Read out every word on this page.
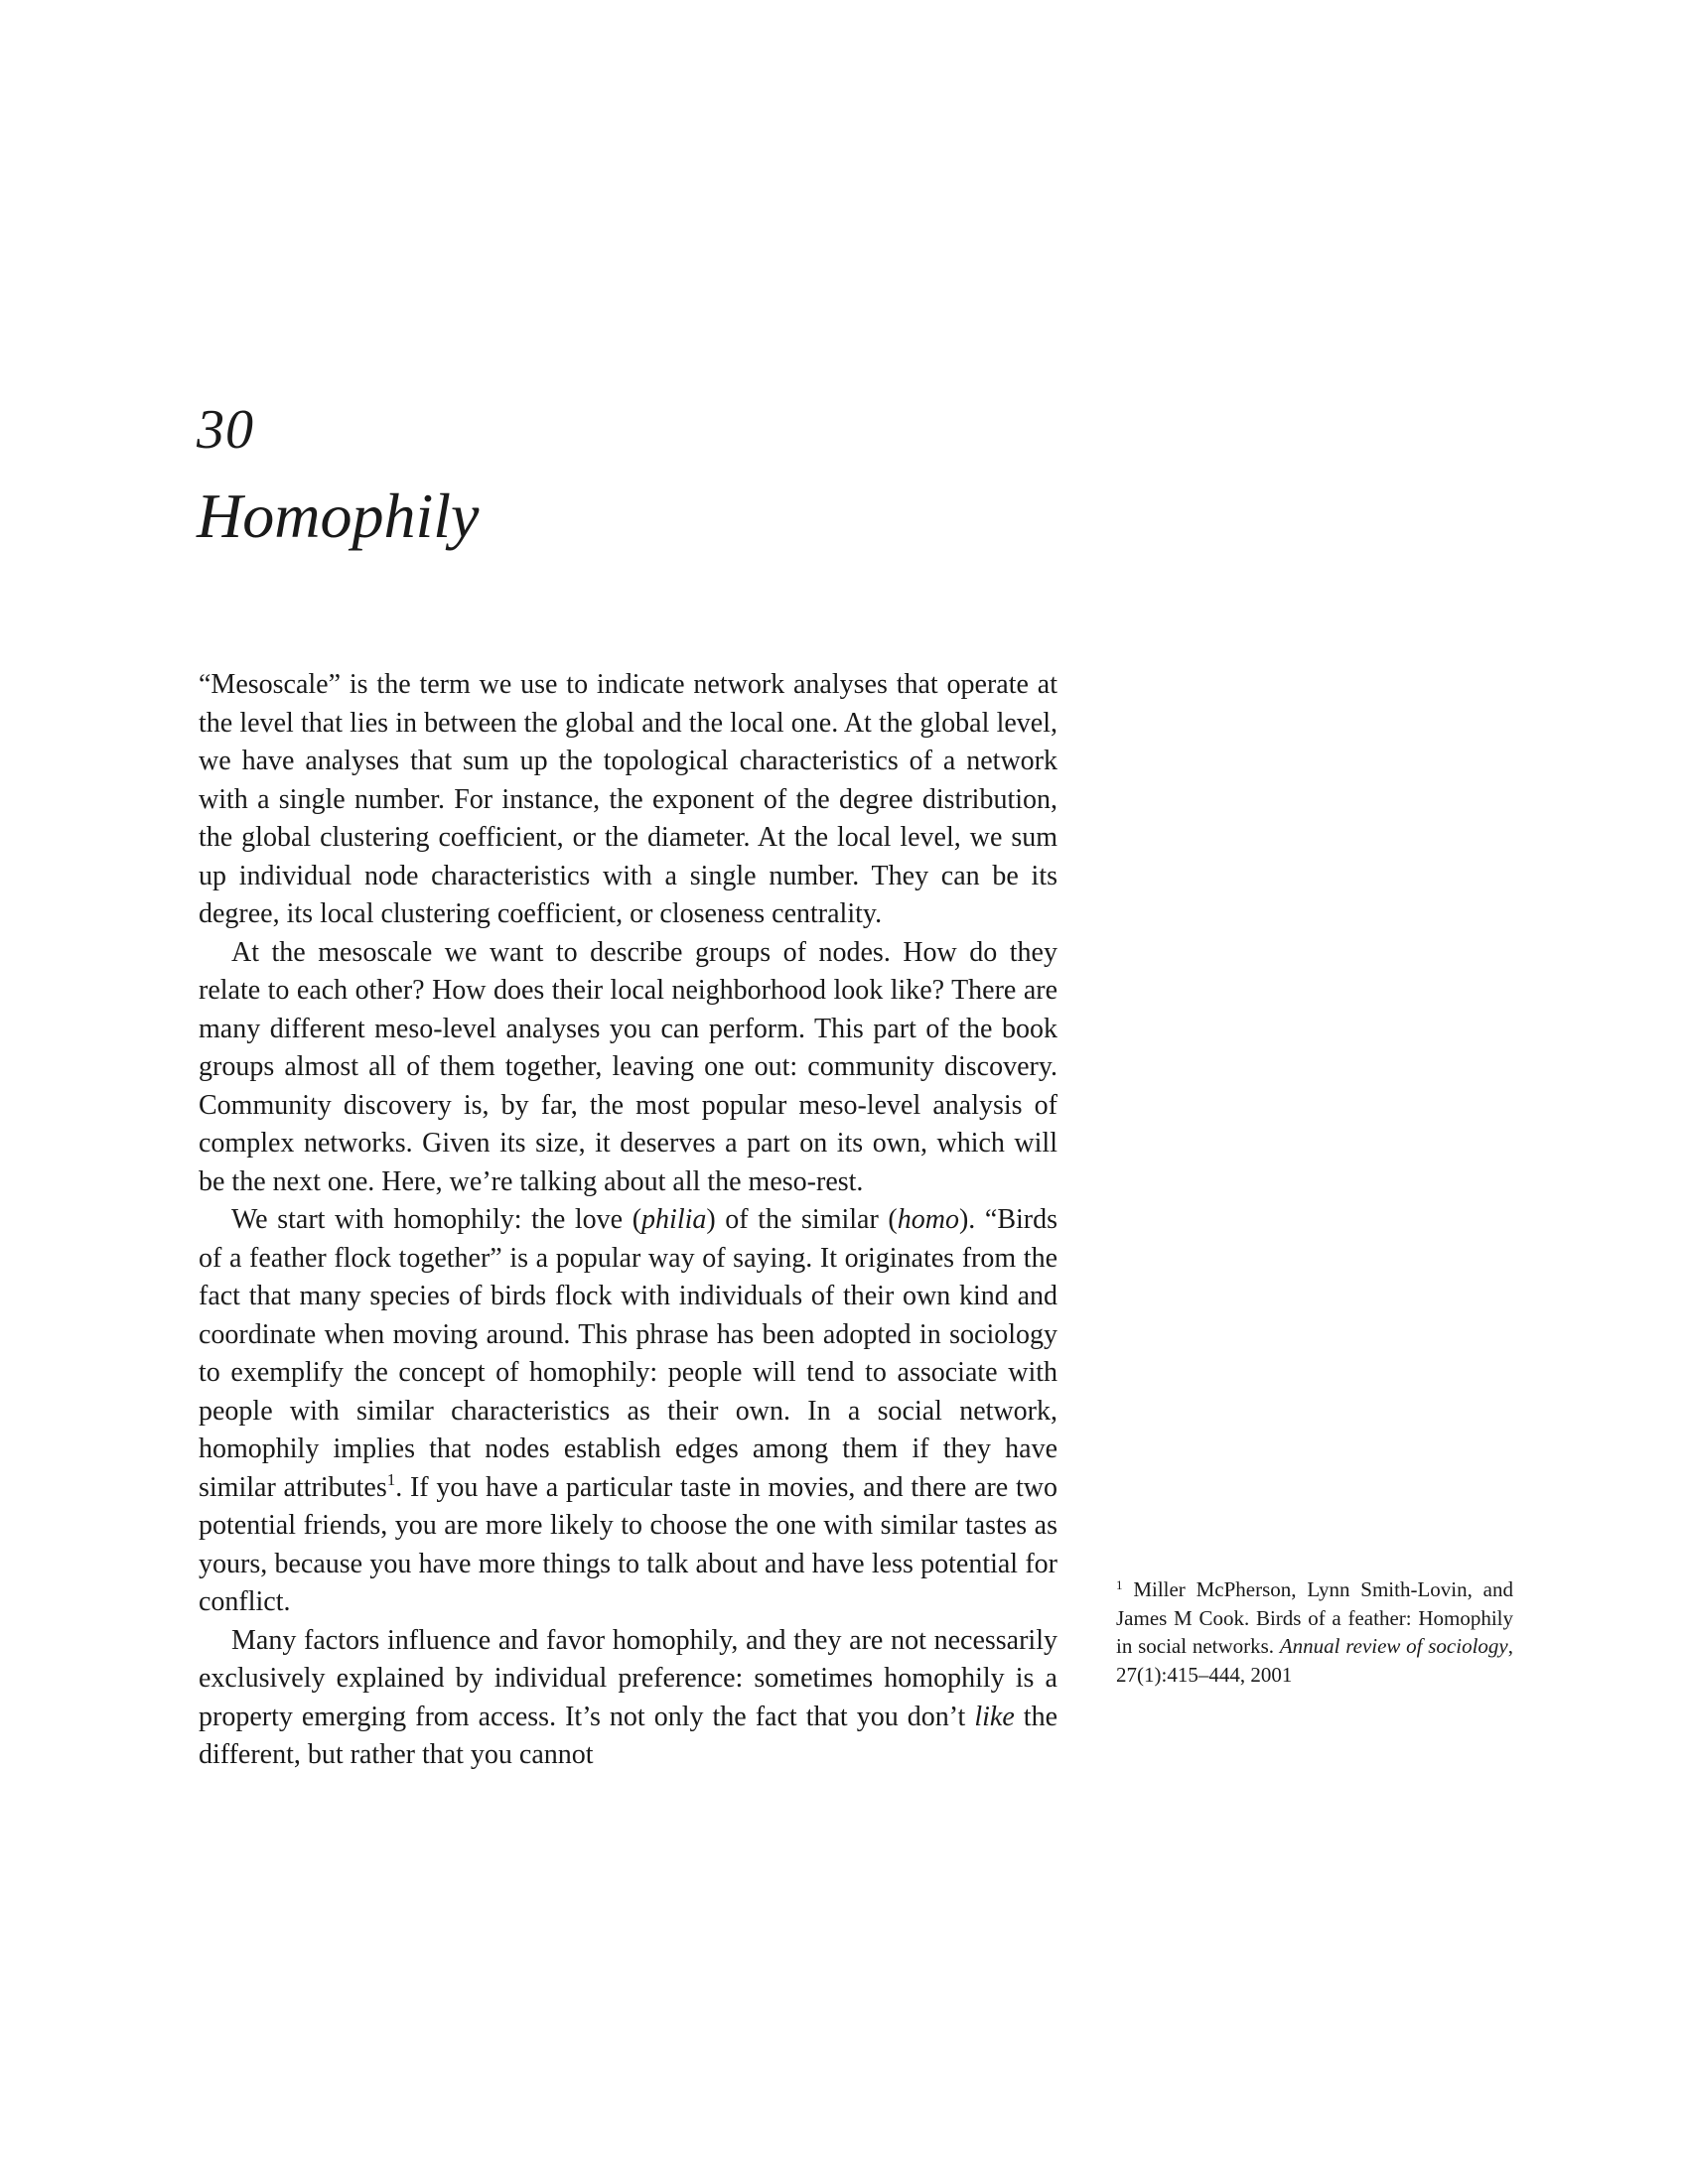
30
Homophily

“Mesoscale” is the term we use to indicate network analyses that operate at the level that lies in between the global and the local one. At the global level, we have analyses that sum up the topological characteristics of a network with a single number. For instance, the exponent of the degree distribution, the global clustering coefficient, or the diameter. At the local level, we sum up individual node characteristics with a single number. They can be its degree, its local clustering coefficient, or closeness centrality.

At the mesoscale we want to describe groups of nodes. How do they relate to each other? How does their local neighborhood look like? There are many different meso-level analyses you can perform. This part of the book groups almost all of them together, leaving one out: community discovery. Community discovery is, by far, the most popular meso-level analysis of complex networks. Given its size, it deserves a part on its own, which will be the next one. Here, we’re talking about all the meso-rest.

We start with homophily: the love (philia) of the similar (homo). “Birds of a feather flock together” is a popular way of saying. It originates from the fact that many species of birds flock with individuals of their own kind and coordinate when moving around. This phrase has been adopted in sociology to exemplify the concept of homophily: people will tend to associate with people with similar characteristics as their own. In a social network, homophily implies that nodes establish edges among them if they have similar attributes$^1$. If you have a particular taste in movies, and there are two potential friends, you are more likely to choose the one with similar tastes as yours, because you have more things to talk about and have less potential for conflict.

Many factors influence and favor homophily, and they are not necessarily exclusively explained by individual preference: sometimes homophily is a property emerging from access. It’s not only the fact that you don’t like the different, but rather that you cannot

$^1$ Miller McPherson, Lynn Smith-Lovin, and James M Cook. Birds of a feather: Homophily in social networks. Annual review of sociology, 27(1):415–444, 2001
